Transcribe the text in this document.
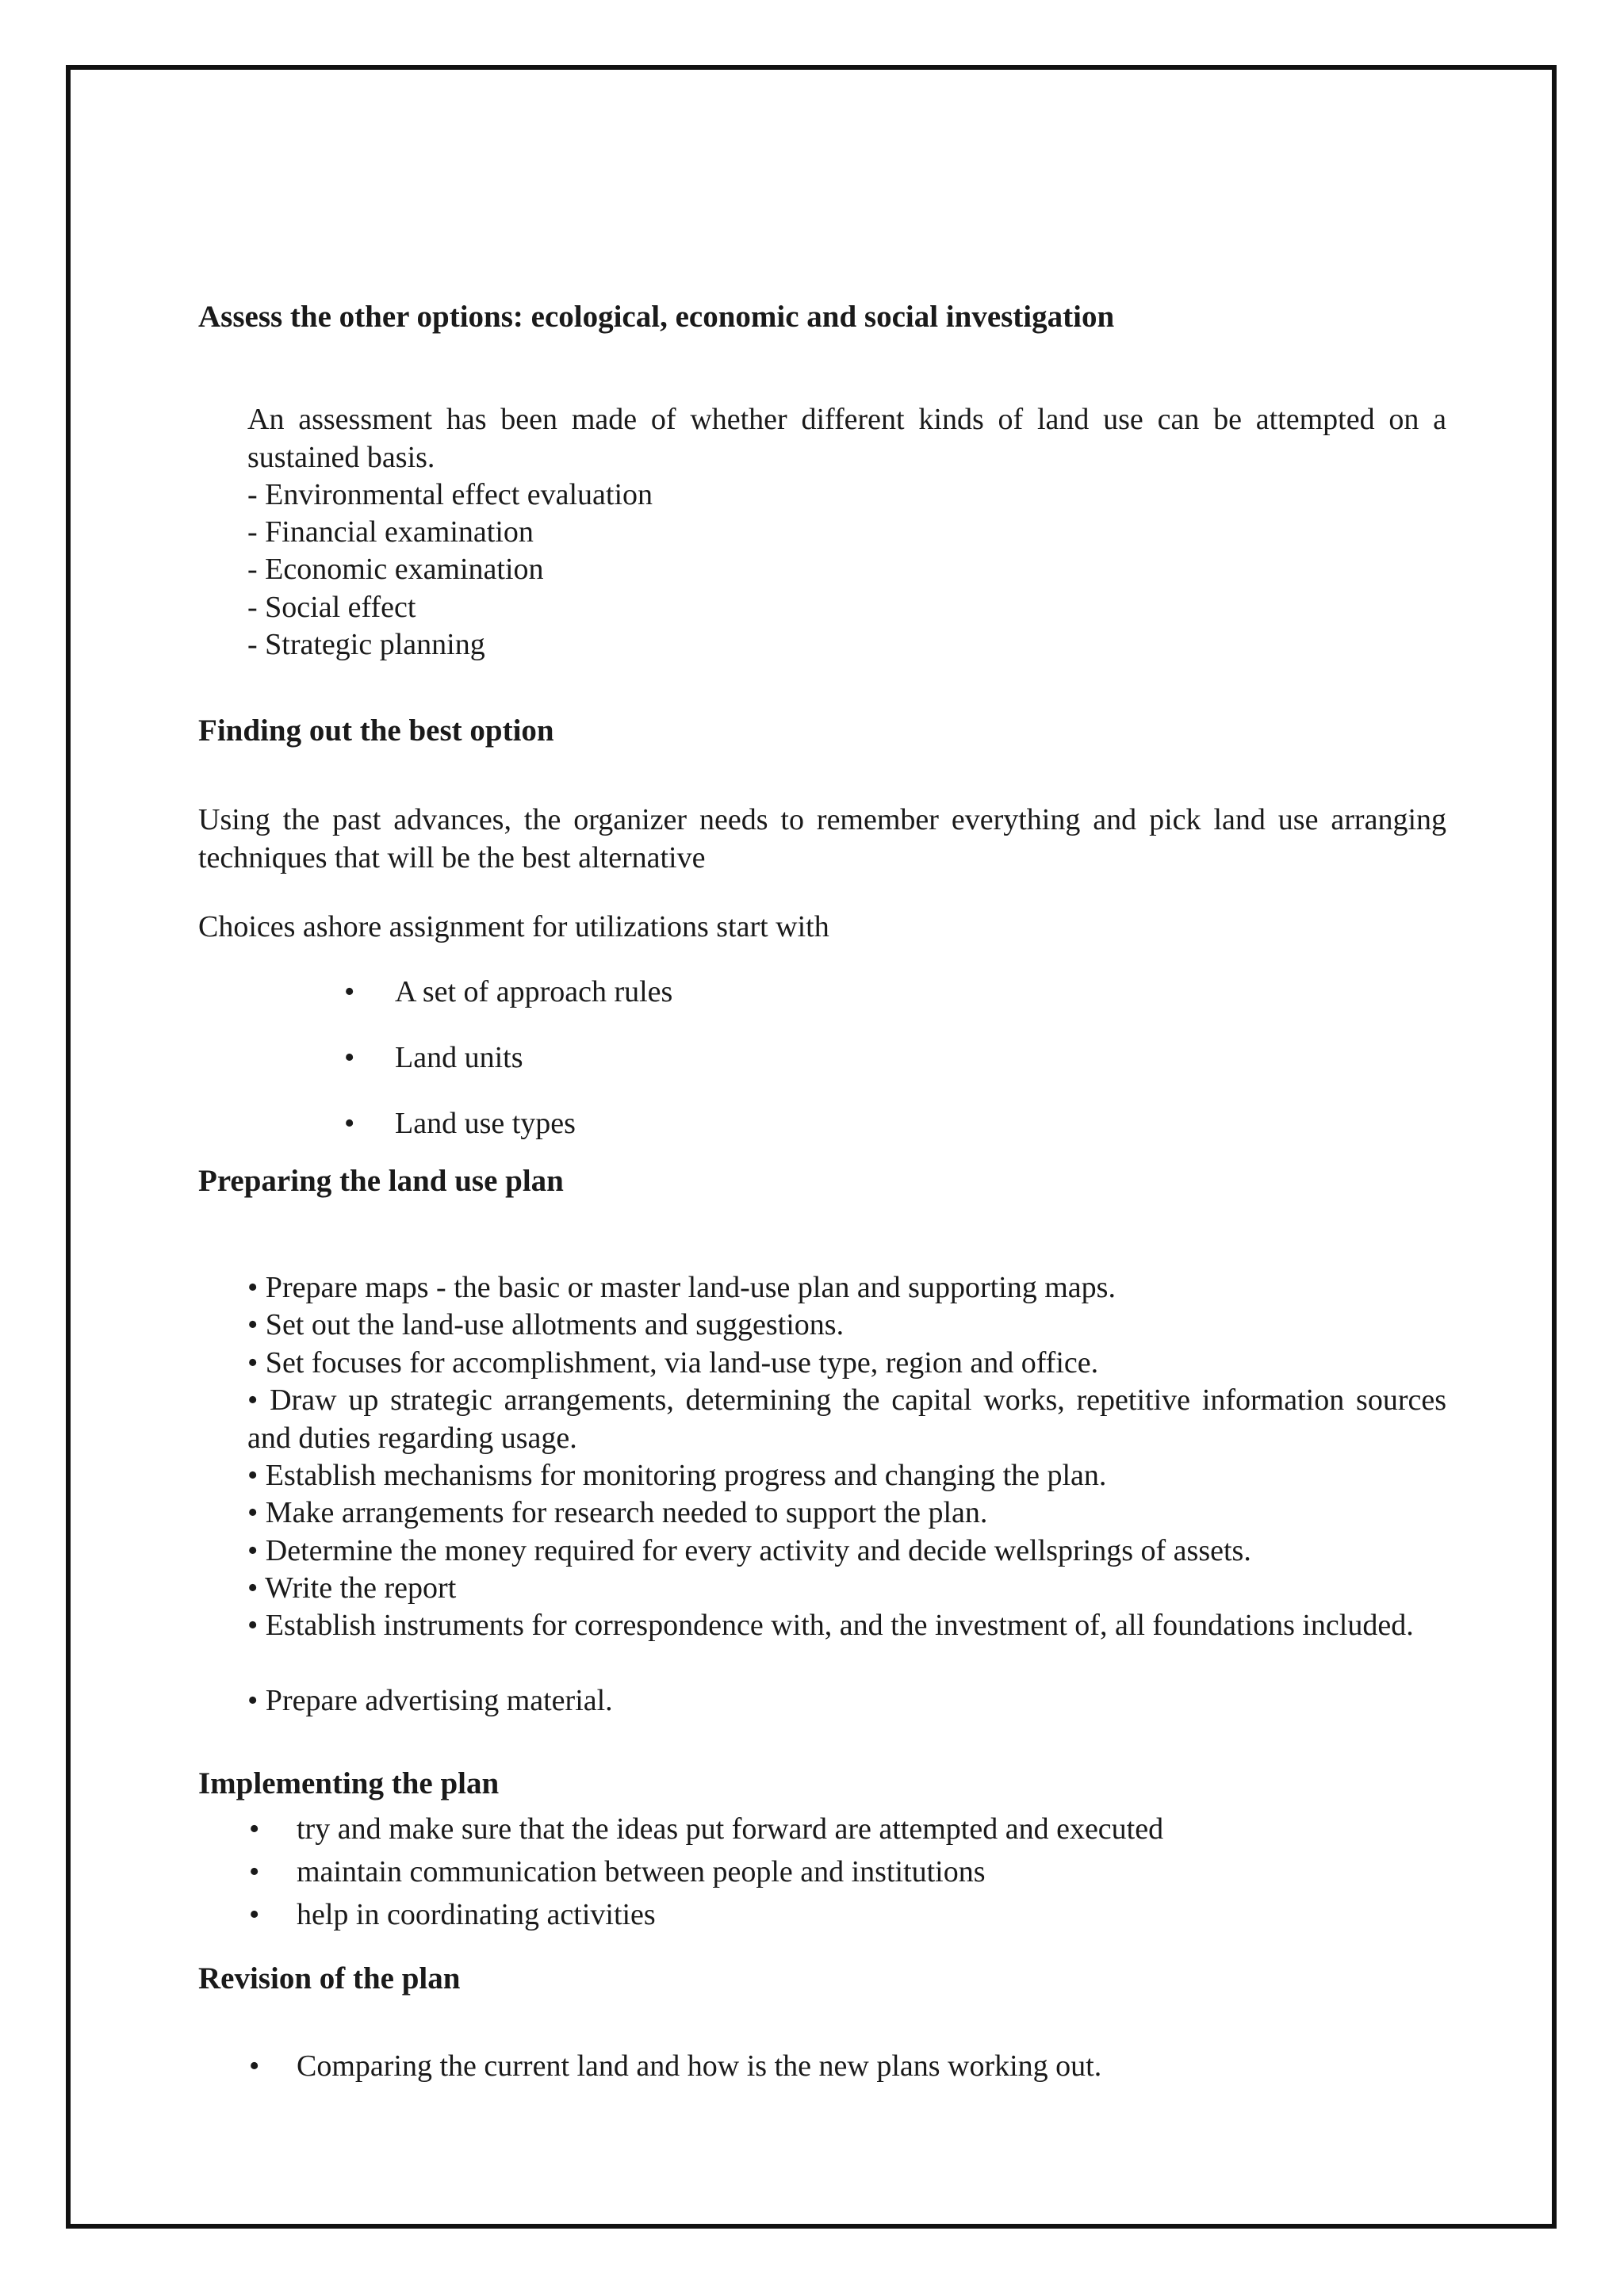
Assess the other options: ecological, economic and social investigation

An assessment has been made of whether different kinds of land use can be attempted on a sustained basis.

- Environmental effect evaluation

- Financial examination

- Economic examination

- Social effect

- Strategic planning

Finding out the best option

Using the past advances, the organizer needs to remember everything and pick land use arranging techniques that will be the best alternative

Choices ashore assignment for utilizations start with

• A set of approach rules

• Land units

• Land use types

Preparing the land use plan

• Prepare maps - the basic or master land-use plan and supporting maps.

• Set out the land-use allotments and suggestions.

• Set focuses for accomplishment, via land-use type, region and office.

• Draw up strategic arrangements, determining the capital works, repetitive information sources and duties regarding usage.

• Establish mechanisms for monitoring progress and changing the plan.

• Make arrangements for research needed to support the plan.

• Determine the money required for every activity and decide wellsprings of assets.

• Write the report

• Establish instruments for correspondence with, and the investment of, all foundations included.

• Prepare advertising material.

Implementing the plan
• try and make sure that the ideas put forward are attempted and executed

• maintain communication between people and institutions

• help in coordinating activities

Revision of the plan
• Comparing the current land and how is the new plans working out.
